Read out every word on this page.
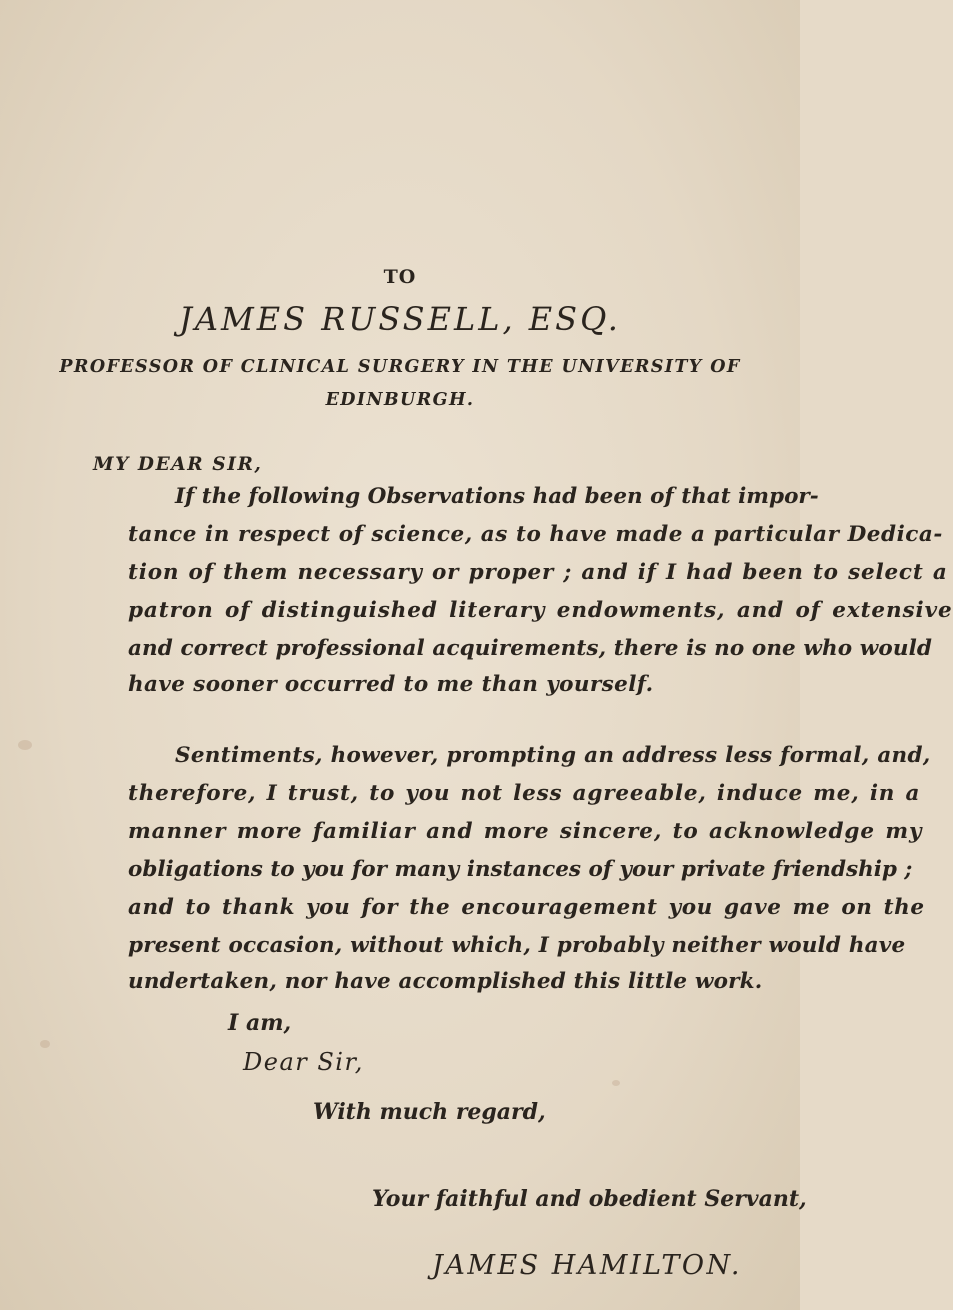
TO
JAMES RUSSELL, ESQ.
PROFESSOR OF CLINICAL SURGERY IN THE UNIVERSITY OF
EDINBURGH.
MY DEAR SIR,
If the following Observations had been of that impor-
tance in respect of science, as to have made a particular Dedica-
tion of them necessary or proper ; and if I had been to select a
patron of distinguished literary endowments, and of extensive
and correct professional acquirements, there is no one who would
have sooner occurred to me than yourself.
Sentiments, however, prompting an address less formal, and,
therefore, I trust, to you not less agreeable, induce me, in a
manner more familiar and more sincere, to acknowledge my
obligations to you for many instances of your private friendship ;
and to thank you for the encouragement you gave me on the
present occasion, without which, I probably neither would have
undertaken, nor have accomplished this little work.
I am,
Dear Sir,
With much regard,
Your faithful and obedient Servant,
JAMES HAMILTON.
